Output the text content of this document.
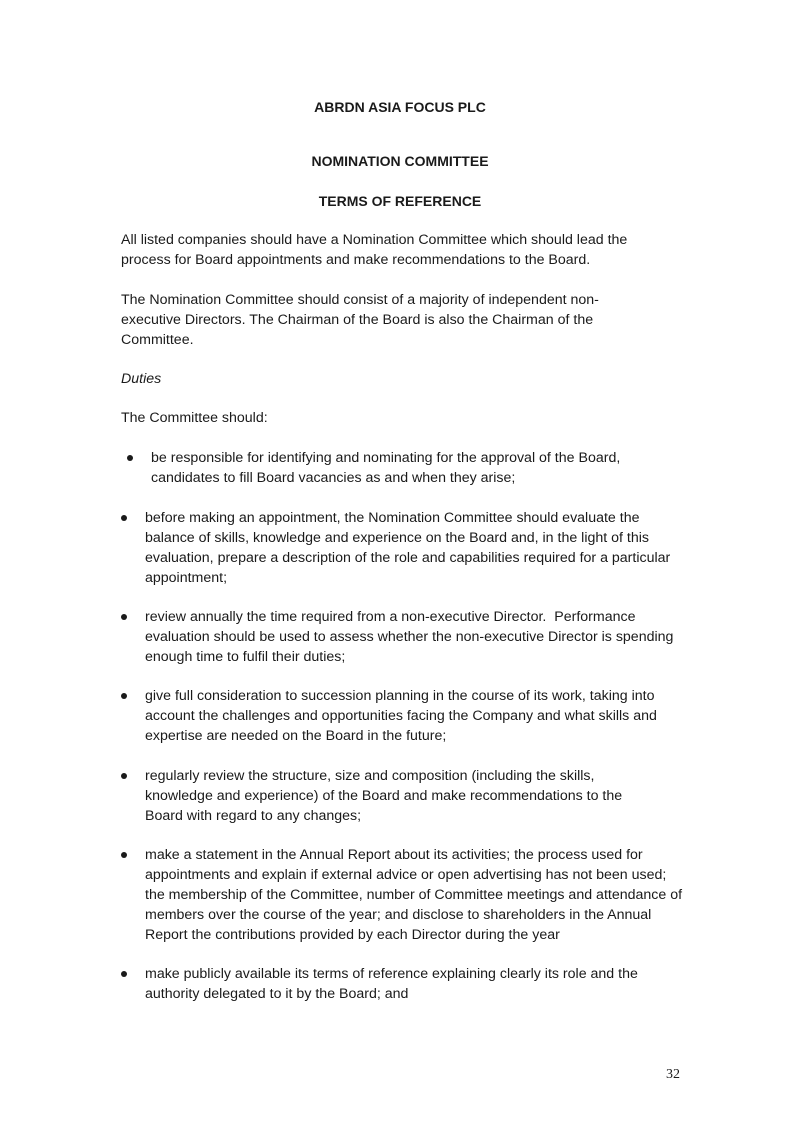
ABRDN ASIA FOCUS PLC
NOMINATION COMMITTEE
TERMS OF REFERENCE

All listed companies should have a Nomination Committee which should lead the process for Board appointments and make recommendations to the Board.

The Nomination Committee should consist of a majority of independent non-executive Directors. The Chairman of the Board is also the Chairman of the Committee.

Duties

The Committee should:

be responsible for identifying and nominating for the approval of the Board, candidates to fill Board vacancies as and when they arise;
before making an appointment, the Nomination Committee should evaluate the balance of skills, knowledge and experience on the Board and, in the light of this evaluation, prepare a description of the role and capabilities required for a particular appointment;
review annually the time required from a non-executive Director.  Performance evaluation should be used to assess whether the non-executive Director is spending     enough time to fulfil their duties;
give full consideration to succession planning in the course of its work, taking into      account the challenges and opportunities facing the Company and what skills and     expertise are needed on the Board in the future;
regularly review the structure, size and composition (including the skills, knowledge and experience) of the Board and make recommendations to the Board with regard to any changes;
make a statement in the Annual Report about its activities; the process used for appointments and explain if external advice or open advertising has not been used; the membership of the Committee, number of Committee meetings and attendance of members over the course of the year; and disclose to shareholders in the Annual Report the contributions provided by each Director during the year
make publicly available its terms of reference explaining clearly its role and the authority delegated to it by the Board; and
32
